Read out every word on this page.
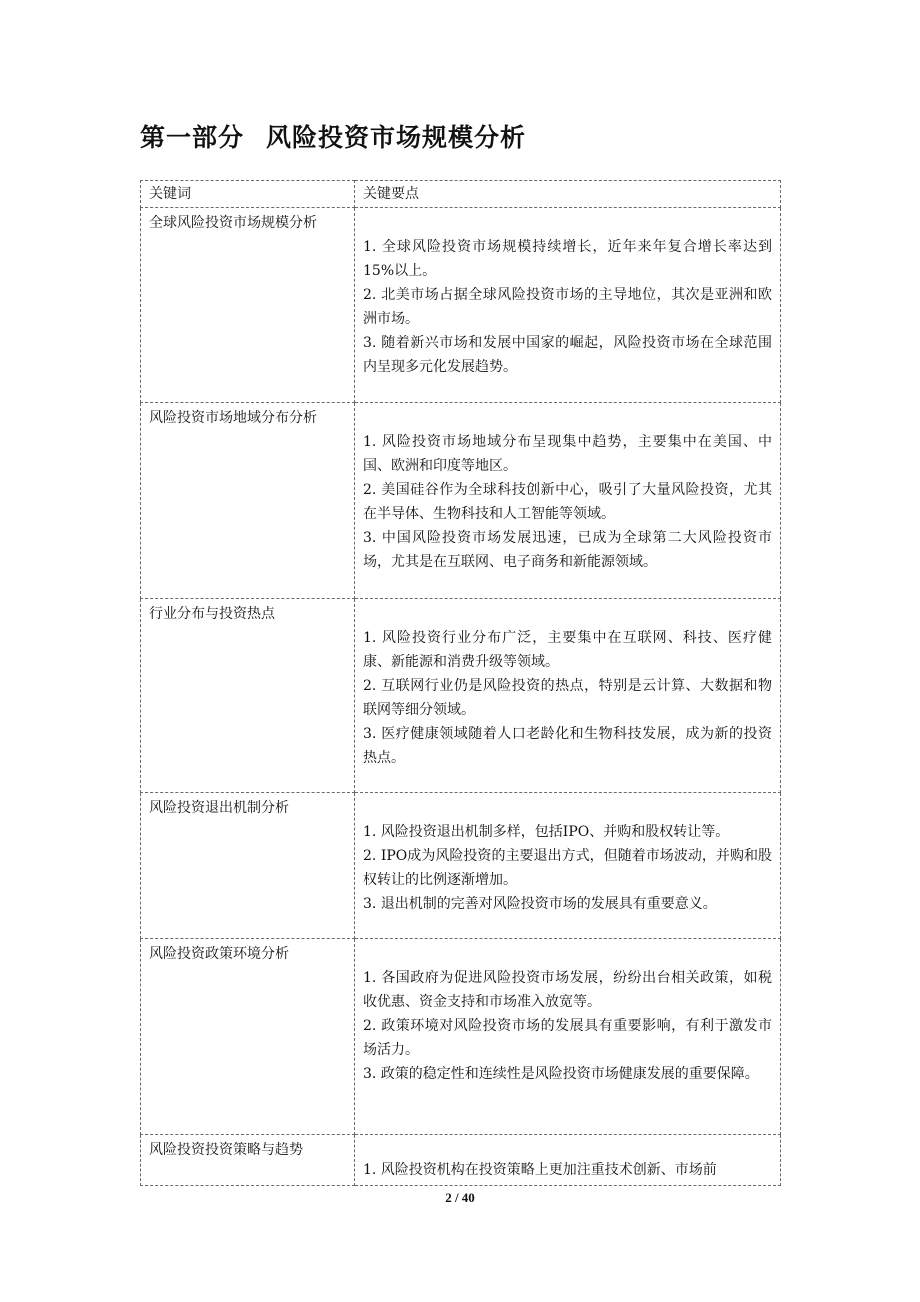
第一部分 风险投资市场规模分析
关键词	关键要点
全球风险投资市场规模分析	1. 全球风险投资市场规模持续增长，近年来年复合增长率达到15%以上。

2. 北美市场占据全球风险投资市场的主导地位，其次是亚洲和欧洲市场。

3. 随着新兴市场和发展中国家的崛起，风险投资市场在全球范围内呈现多元化发展趋势。

风险投资市场地域分布分析	1. 风险投资市场地域分布呈现集中趋势，主要集中在美国、中国、欧洲和印度等地区。

2. 美国硅谷作为全球科技创新中心，吸引了大量风险投资，尤其在半导体、生物科技和人工智能等领域。

3. 中国风险投资市场发展迅速，已成为全球第二大风险投资市场，尤其是在互联网、电子商务和新能源领域。

行业分布与投资热点	1. 风险投资行业分布广泛，主要集中在互联网、科技、医疗健康、新能源和消费升级等领域。

2. 互联网行业仍是风险投资的热点，特别是云计算、大数据和物联网等细分领域。

3. 医疗健康领域随着人口老龄化和生物科技发展，成为新的投资热点。

风险投资退出机制分析	1. 风险投资退出机制多样，包括IPO、并购和股权转让等。

2. IPO成为风险投资的主要退出方式，但随着市场波动，并购和股权转让的比例逐渐增加。

3. 退出机制的完善对风险投资市场的发展具有重要意义。

风险投资政策环境分析	1. 各国政府为促进风险投资市场发展，纷纷出台相关政策，如税收优惠、资金支持和市场准入放宽等。

2. 政策环境对风险投资市场的发展具有重要影响，有利于激发市场活力。

3. 政策的稳定性和连续性是风险投资市场健康发展的重要保障。

风险投资投资策略与趋势	1. 风险投资机构在投资策略上更加注重技术创新、市场前

2 / 40
